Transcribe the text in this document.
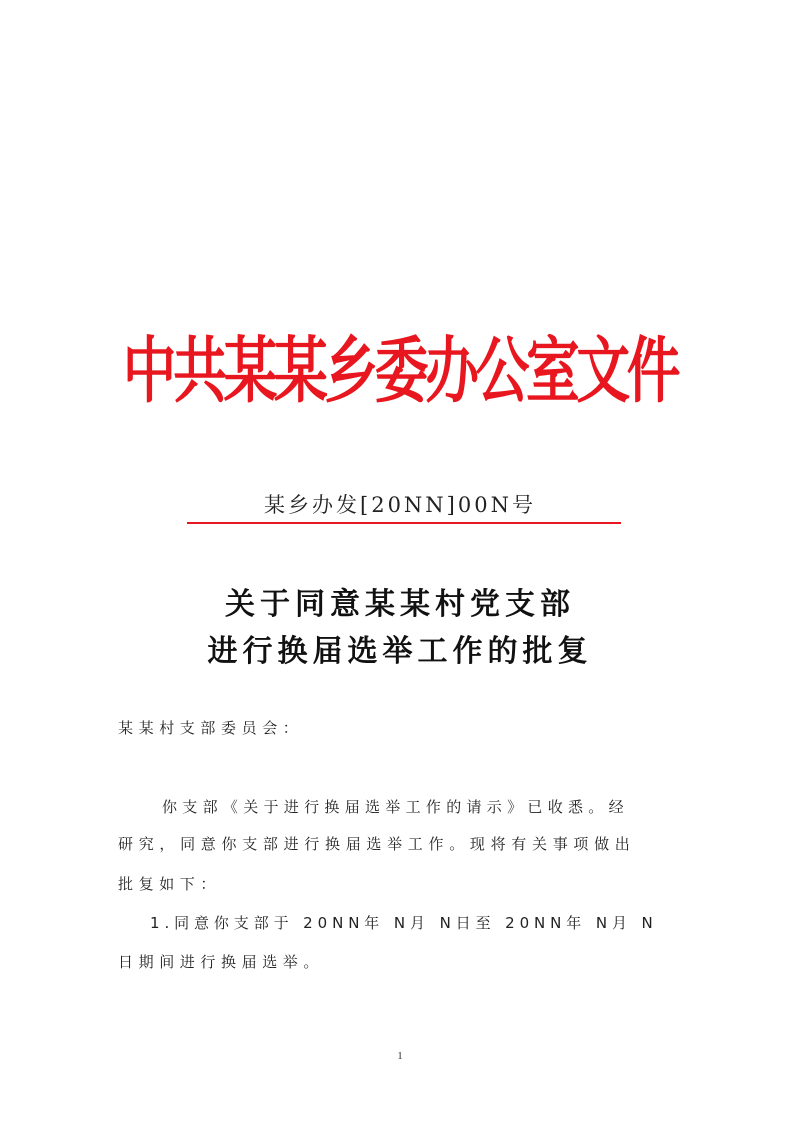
中共某某乡委办公室文件
某乡办发[20NN]00N号
关于同意某某村党支部
进行换届选举工作的批复
某某村支部委员会：
你支部《关于进行换届选举工作的请示》已收悉。经
研究，同意你支部进行换届选举工作。现将有关事项做出
批复如下：
1.同意你支部于 20NN年 N月 N日至 20NN年 N月 N
日期间进行换届选举。
1
